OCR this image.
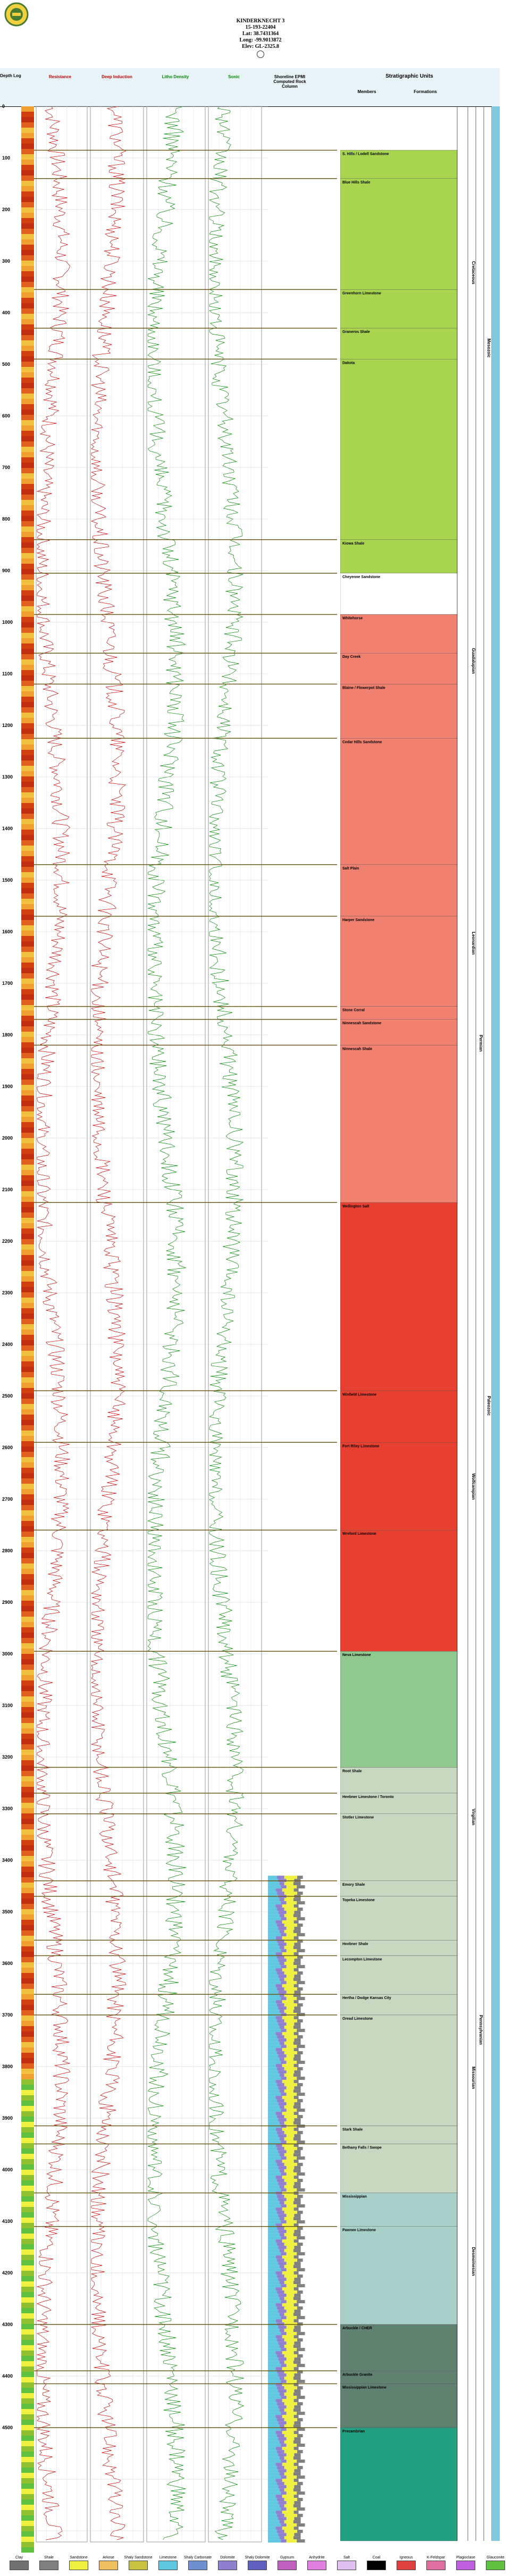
KINDERKNECHT 3
15-193-22404
Lat: 38.7431364
Long: -99.9013872
Elev: GL-2325.8
Depth Log	Resistance	Deep Induction	Litho Density	Sonic	Shoreline EPMI Computed Rock Column
Stratigraphic Units
Members	Formations
0
100
200
300
400
500
600
700
800
900
1000
1100
1200
1300
1400
1500
1600
1700
1800
1900
2000
2100
2200
2300
2400
2500
2600
2700
2800
2900
3000
3100
3200
3300
3400
3500
3600
3700
3800
3900
4000
4100
4200
4300
4400
4500
S. Hills / Lodell Sandstone
Blue Hills Shale
Greenhorn Limestone
Graneros Shale
Dakota
Kiowa Shale
Cheyenne Sandstone
Whitehorse
Day Creek
Blaine / Flowerpot Shale
Cedar Hills Sandstone
Salt Plain
Harper Sandstone
Stone Corral
Ninnescah Sandstone
Ninnescah Shale
Wellington Salt
Winfield Limestone
Fort Riley Limestone
Wreford Limestone
Neva Limestone
Root Shale
Heebner Limestone / Toronto
Stotler Limestone
Emory Shale
Topeka Limestone
Heebner Shale
Lecompton Limestone
Hertha / Dodge Kansas City
Oread Limestone
Stark Shale
Bethany Falls / Swope
Mississippian
Pawnee Limestone
Arbuckle / CHER
Arbuckle Granite
Mississippian Limestone
Precambrian
Cretaceous
Permian
Guadalupian
Leonardian
Wolfcampian
Virgilian
Missourian
Desmoinesian
Pennsylvanian
Mesozoic
Paleozoic
Clay	Shale	Sandstone	Arkose	Shaly Sandstone	Limestone	Shaly Carbonate	Dolomite	Shaly Dolomite	Gypsum	Anhydrite	Salt	Coal	Igneous	K-Feldspar	Plagioclase	Glauconite
